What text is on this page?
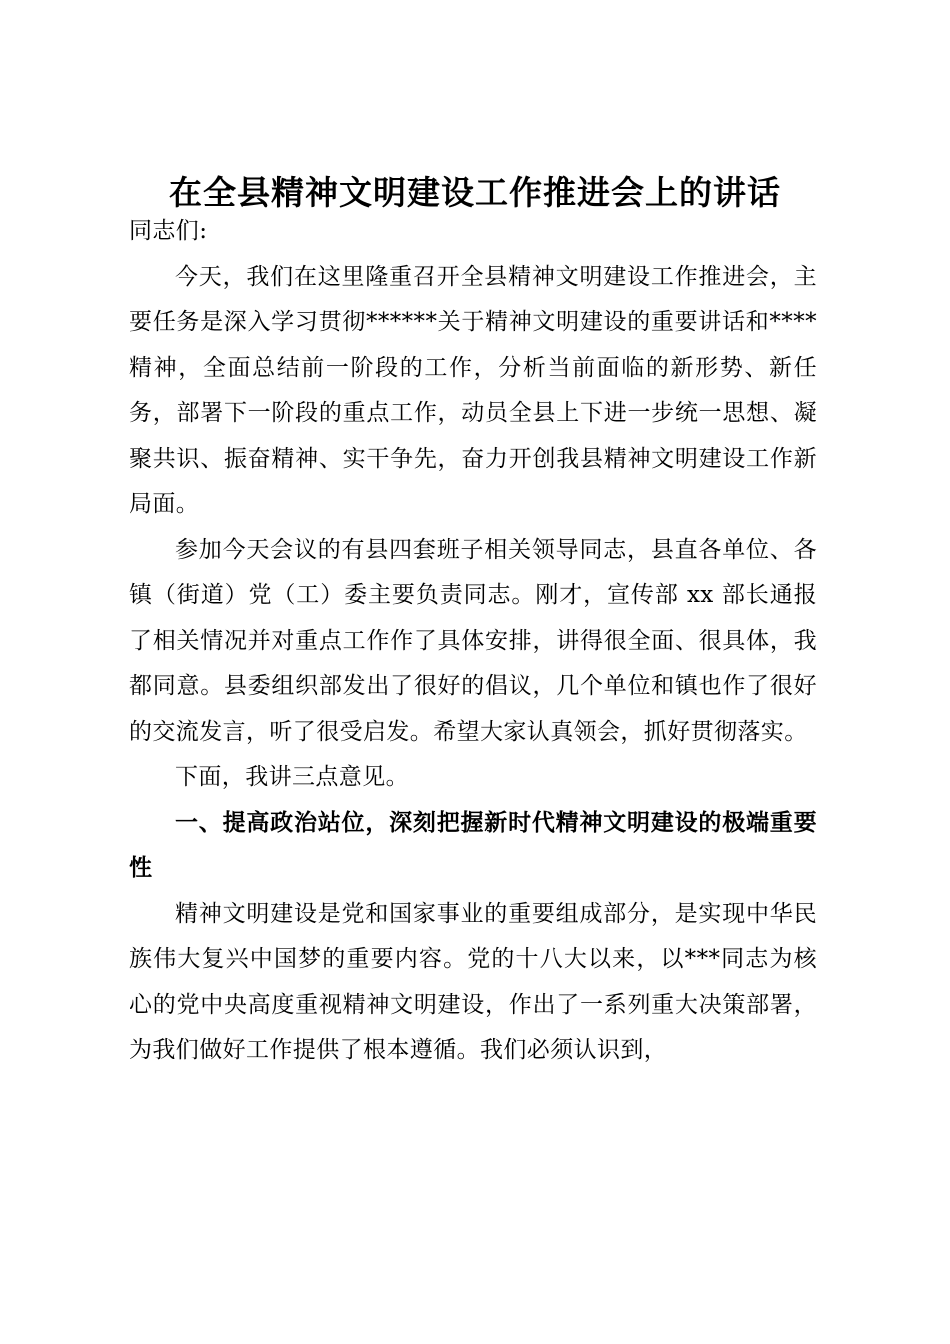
在全县精神文明建设工作推进会上的讲话

同志们:

今天，我们在这里隆重召开全县精神文明建设工作推进会，主要任务是深入学习贯彻******关于精神文明建设的重要讲话和****精神，全面总结前一阶段的工作，分析当前面临的新形势、新任务，部署下一阶段的重点工作，动员全县上下进一步统一思想、凝聚共识、振奋精神、实干争先，奋力开创我县精神文明建设工作新局面。

参加今天会议的有县四套班子相关领导同志，县直各单位、各镇（街道）党（工）委主要负责同志。刚才，宣传部 xx 部长通报了相关情况并对重点工作作了具体安排，讲得很全面、很具体，我都同意。县委组织部发出了很好的倡议，几个单位和镇也作了很好的交流发言，听了很受启发。希望大家认真领会，抓好贯彻落实。

下面，我讲三点意见。

一、提高政治站位，深刻把握新时代精神文明建设的极端重要性

精神文明建设是党和国家事业的重要组成部分，是实现中华民族伟大复兴中国梦的重要内容。党的十八大以来，以***同志为核心的党中央高度重视精神文明建设，作出了一系列重大决策部署，为我们做好工作提供了根本遵循。我们必须认识到，
